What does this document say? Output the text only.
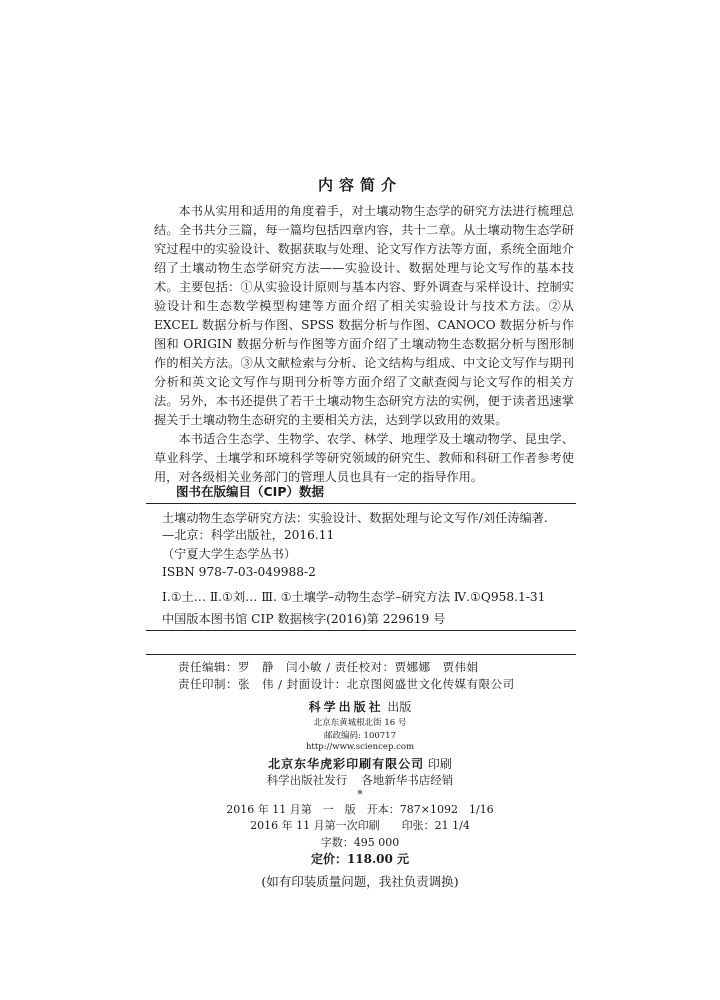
内容简介

本书从实用和适用的角度着手，对土壤动物生态学的研究方法进行梳理总结。全书共分三篇，每一篇均包括四章内容，共十二章。从土壤动物生态学研究过程中的实验设计、数据获取与处理、论文写作方法等方面，系统全面地介绍了土壤动物生态学研究方法——实验设计、数据处理与论文写作的基本技术。主要包括：①从实验设计原则与基本内容、野外调查与采样设计、控制实验设计和生态数学模型构建等方面介绍了相关实验设计与技术方法。②从EXCEL 数据分析与作图、SPSS 数据分析与作图、CANOCO 数据分析与作图和 ORIGIN 数据分析与作图等方面介绍了土壤动物生态数据分析与图形制作的相关方法。③从文献检索与分析、论文结构与组成、中文论文写作与期刊分析和英文论文写作与期刊分析等方面介绍了文献查阅与论文写作的相关方法。另外，本书还提供了若干土壤动物生态研究方法的实例，便于读者迅速掌握关于土壤动物生态研究的主要相关方法，达到学以致用的效果。

本书适合生态学、生物学、农学、林学、地理学及土壤动物学、昆虫学、草业科学、土壤学和环境科学等研究领域的研究生、教师和科研工作者参考使用，对各级相关业务部门的管理人员也具有一定的指导作用。

图书在版编目（CIP）数据
土壤动物生态学研究方法：实验设计、数据处理与论文写作/刘任涛编著.
—北京：科学出版社，2016.11
（宁夏大学生态学丛书）
ISBN 978-7-03-049988-2
Ⅰ.①土… Ⅱ.①刘… Ⅲ. ①土壤学–动物生态学–研究方法 Ⅳ.①Q958.1-31
中国版本图书馆 CIP 数据核字(2016)第 229619 号
责任编辑：罗　静　闫小敏 / 责任校对：贾娜娜　贾伟娟
责任印制：张　伟 / 封面设计：北京图阅盛世文化传媒有限公司
科学出版社 出版
北京东黄城根北街 16 号
邮政编码: 100717
http://www.sciencep.com
北京东华虎彩印刷有限公司 印刷
科学出版社发行 各地新华书店经销
*
2016 年 11 月第　一　版　开本：787×1092　1/16
2016 年 11 月第一次印刷　　印张：21 1/4
字数：495 000
定价：118.00 元
(如有印装质量问题，我社负责调换)
